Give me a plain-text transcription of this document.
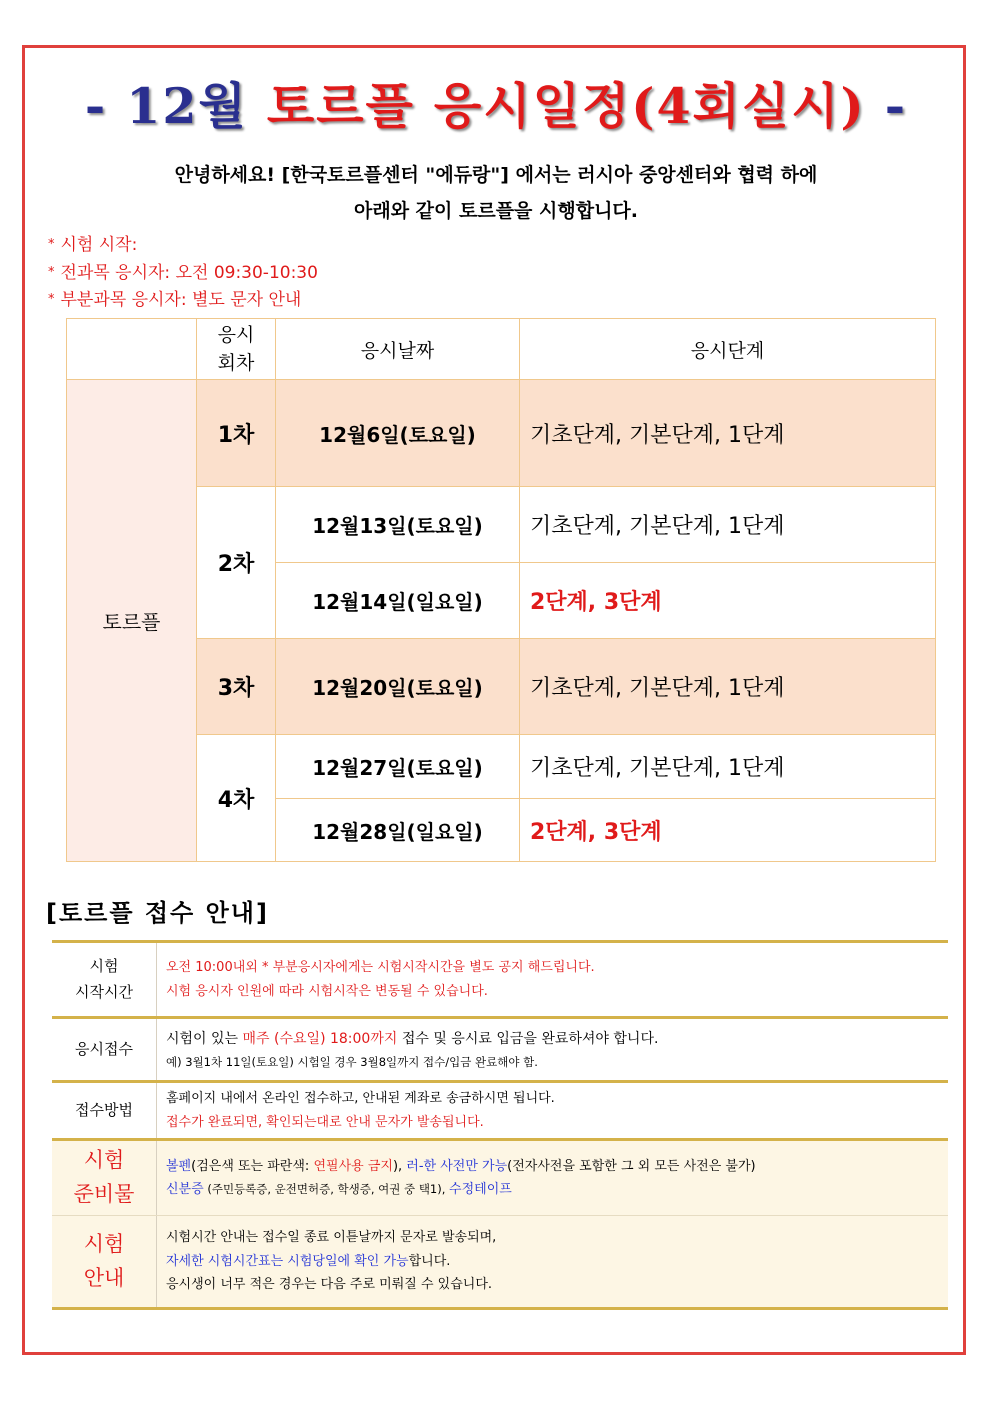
- 12월 토르플 응시일정(4회실시) -
안녕하세요! [한국토르플센터 "에듀랑"] 에서는 러시아 중앙센터와 협력 하에
아래와 같이 토르플을 시행합니다.
* 시험 시작:
* 전과목 응시자: 오전 09:30-10:30
* 부분과목 응시자: 별도 문자 안내
응시
회차
응시날짜	응시단계
토르플
1차	12월6일(토요일)	기초단계, 기본단계, 1단계
2차
12월13일(토요일)	기초단계, 기본단계, 1단계
12월14일(일요일)	2단계, 3단계
3차	12월20일(토요일)	기초단계, 기본단계, 1단계
4차
12월27일(토요일)	기초단계, 기본단계, 1단계
12월28일(일요일)	2단계, 3단계
[토르플 접수 안내]
시험
시작시간
오전 10:00내외 * 부분응시자에게는 시험시작시간을 별도 공지 해드립니다.
시험 응시자 인원에 따라 시험시작은 변동될 수 있습니다.
응시접수
시험이 있는 매주 (수요일) 18:00까지 접수 및 응시료 입금을 완료하셔야 합니다.
예) 3월1차 11일(토요일) 시험일 경우 3월8일까지 접수/입금 완료해야 함.
접수방법
홈페이지 내에서 온라인 접수하고, 안내된 계좌로 송금하시면 됩니다.
접수가 완료되면, 확인되는대로 안내 문자가 발송됩니다.
시험
준비물
볼펜(검은색 또는 파란색: 연필사용 금지), 러-한 사전만 가능(전자사전을 포함한 그 외 모든 사전은 불가)
신분증 (주민등록증, 운전면허증, 학생증, 여권 중 택1), 수정테이프
시험
안내
시험시간 안내는 접수일 종료 이튿날까지 문자로 발송되며,
자세한 시험시간표는 시험당일에 확인 가능합니다.
응시생이 너무 적은 경우는 다음 주로 미뤄질 수 있습니다.
